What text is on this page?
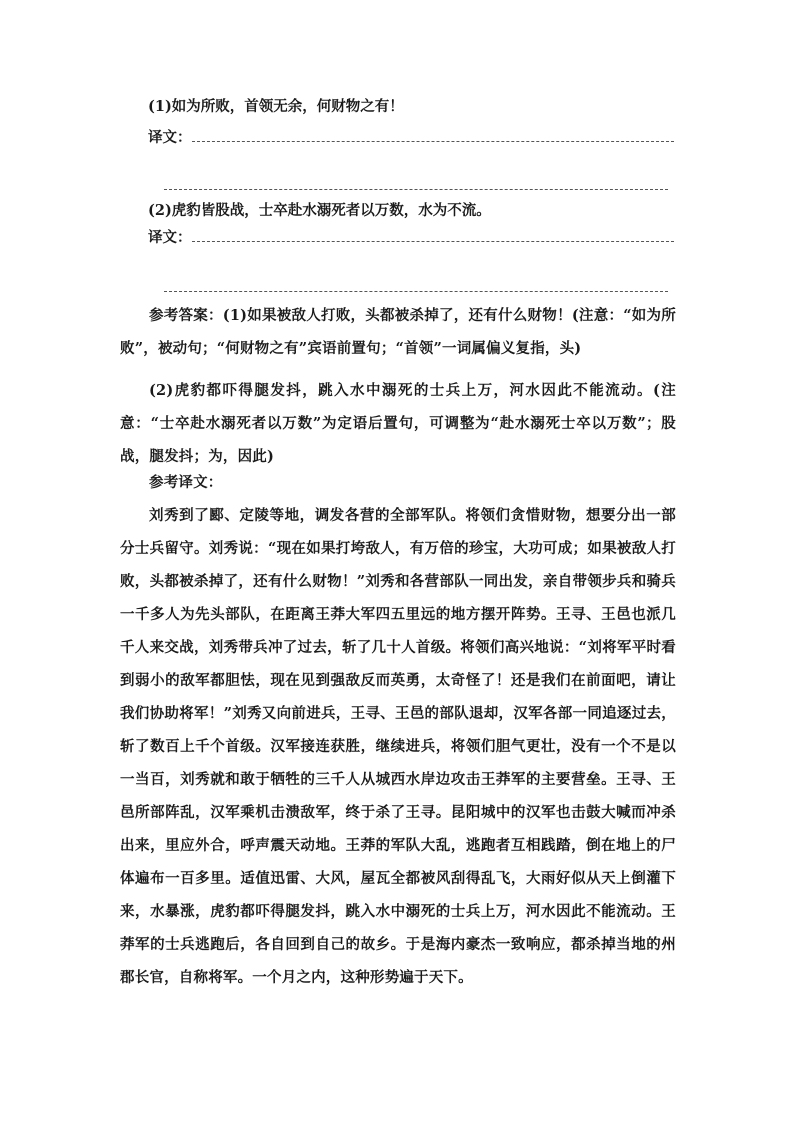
(1)如为所败，首领无余，何财物之有！
译文：
(2)虎豹皆股战，士卒赴水溺死者以万数，水为不流。
译文：
参考答案：(1)如果被敌人打败，头都被杀掉了，还有什么财物！(注意：“如为所败”，被动句；“何财物之有”宾语前置句；“首领”一词属偏义复指，头)
(2)虎豹都吓得腿发抖，跳入水中溺死的士兵上万，河水因此不能流动。(注意：“士卒赴水溺死者以万数”为定语后置句，可调整为“赴水溺死士卒以万数”；股战，腿发抖；为，因此)
参考译文：
刘秀到了郾、定陵等地，调发各营的全部军队。将领们贪惜财物，想要分出一部分士兵留守。刘秀说：“现在如果打垮敌人，有万倍的珍宝，大功可成；如果被敌人打败，头都被杀掉了，还有什么财物！”刘秀和各营部队一同出发，亲自带领步兵和骑兵一千多人为先头部队，在距离王莽大军四五里远的地方摆开阵势。王寻、王邑也派几千人来交战，刘秀带兵冲了过去，斩了几十人首级。将领们高兴地说：“刘将军平时看到弱小的敌军都胆怯，现在见到强敌反而英勇，太奇怪了！还是我们在前面吧，请让我们协助将军！”刘秀又向前进兵，王寻、王邑的部队退却，汉军各部一同追逐过去，斩了数百上千个首级。汉军接连获胜，继续进兵，将领们胆气更壮，没有一个不是以一当百，刘秀就和敢于牺牲的三千人从城西水岸边攻击王莽军的主要营垒。王寻、王邑所部阵乱，汉军乘机击溃敌军，终于杀了王寻。昆阳城中的汉军也击鼓大喊而冲杀出来，里应外合，呼声震天动地。王莽的军队大乱，逃跑者互相践踏，倒在地上的尸体遍布一百多里。适值迅雷、大风，屋瓦全都被风刮得乱飞，大雨好似从天上倒灌下来，水暴涨，虎豹都吓得腿发抖，跳入水中溺死的士兵上万，河水因此不能流动。王莽军的士兵逃跑后，各自回到自己的故乡。于是海内豪杰一致响应，都杀掉当地的州郡长官，自称将军。一个月之内，这种形势遍于天下。
